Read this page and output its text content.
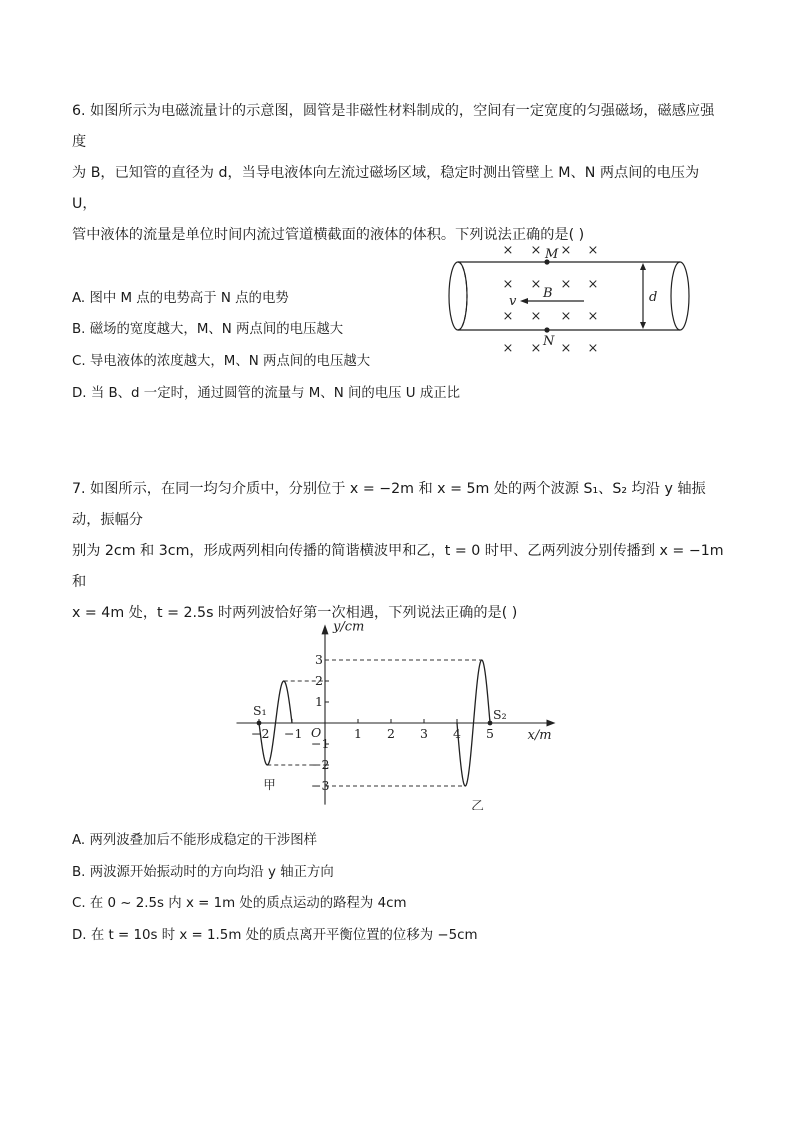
6. 如图所示为电磁流量计的示意图，圆管是非磁性材料制成的，空间有一定宽度的匀强磁场，磁感应强度
为 B，已知管的直径为 d，当导电液体向左流过磁场区域，稳定时测出管壁上 M、N 两点间的电压为 U，
管中液体的流量是单位时间内流过管道横截面的液体的体积。下列说法正确的是( )
A. 图中 M 点的电势高于 N 点的电势
B. 磁场的宽度越大，M、N 两点间的电压越大
C. 导电液体的浓度越大，M、N 两点间的电压越大
D. 当 B、d 一定时，通过圆管的流量与 M、N 间的电压 U 成正比
× × × ×
× × × ×
× × × ×
× × × ×
M
N
B
v	d
7. 如图所示，在同一均匀介质中，分别位于 x = −2m 和 x = 5m 处的两个波源 S₁、S₂ 均沿 y 轴振动，振幅分
别为 2cm 和 3cm，形成两列相向传播的简谐横波甲和乙，t = 0 时甲、乙两列波分别传播到 x = −1m 和
x = 4m 处，t = 2.5s 时两列波恰好第一次相遇，下列说法正确的是( )
x/m
y/cm
−2 −1	1 2 3 4 5
3
2
1
−1
−2
−3
O
S₁	S₂
甲
乙
A. 两列波叠加后不能形成稳定的干涉图样
B. 两波源开始振动时的方向均沿 y 轴正方向
C. 在 0 ~ 2.5s 内 x = 1m 处的质点运动的路程为 4cm
D. 在 t = 10s 时 x = 1.5m 处的质点离开平衡位置的位移为 −5cm
